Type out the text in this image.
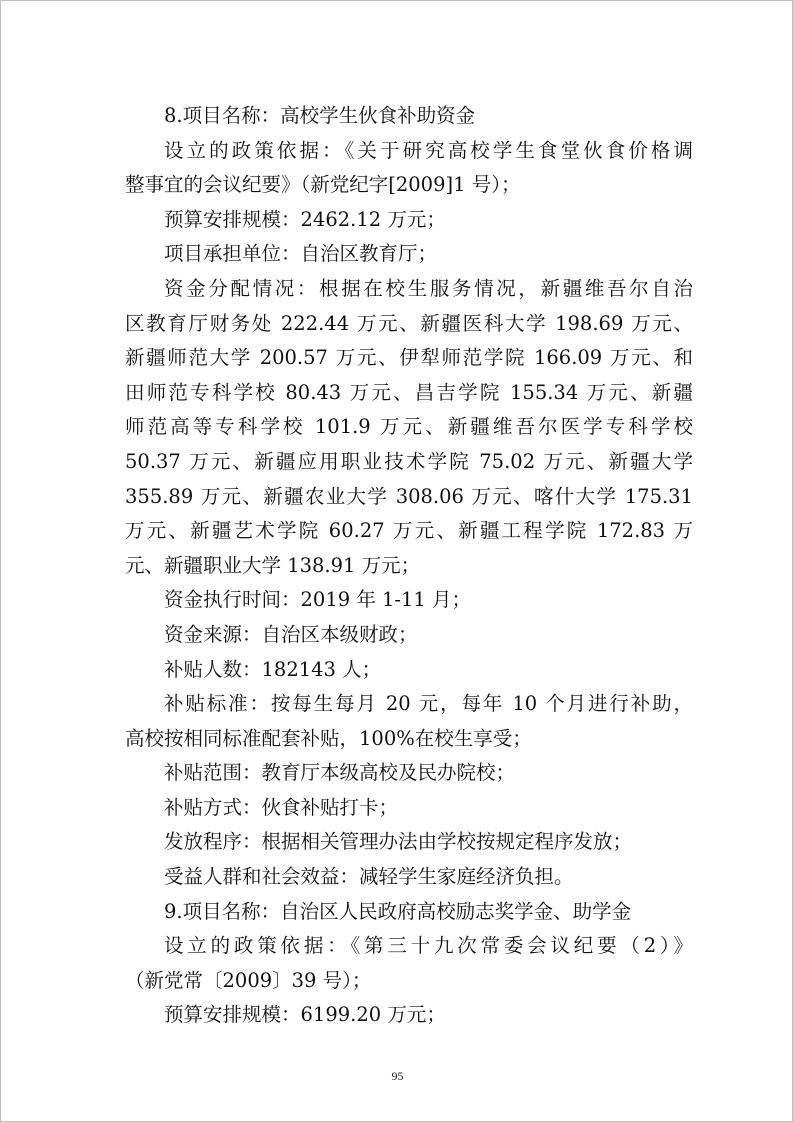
8.项目名称：高校学生伙食补助资金
设立的政策依据：《关于研究高校学生食堂伙食价格调
整事宜的会议纪要》（新党纪字[2009]1 号）；
预算安排规模：2462.12 万元；
项目承担单位：自治区教育厅；
资金分配情况：根据在校生服务情况，新疆维吾尔自治
区教育厅财务处 222.44 万元、新疆医科大学 198.69 万元、
新疆师范大学 200.57 万元、伊犁师范学院 166.09 万元、和
田师范专科学校 80.43 万元、昌吉学院 155.34 万元、新疆
师范高等专科学校 101.9 万元、新疆维吾尔医学专科学校
50.37 万元、新疆应用职业技术学院 75.02 万元、新疆大学
355.89 万元、新疆农业大学 308.06 万元、喀什大学 175.31
万元、新疆艺术学院 60.27 万元、新疆工程学院 172.83 万
元、新疆职业大学 138.91 万元；
资金执行时间：2019 年 1-11 月；
资金来源：自治区本级财政；
补贴人数：182143 人；
补贴标准：按每生每月 20 元，每年 10 个月进行补助，
高校按相同标准配套补贴，100%在校生享受；
补贴范围：教育厅本级高校及民办院校；
补贴方式：伙食补贴打卡；
发放程序：根据相关管理办法由学校按规定程序发放；
受益人群和社会效益：减轻学生家庭经济负担。
9.项目名称：自治区人民政府高校励志奖学金、助学金
设立的政策依据：《第三十九次常委会议纪要（2）》
（新党常〔2009〕39 号）；
预算安排规模：6199.20 万元；
95
